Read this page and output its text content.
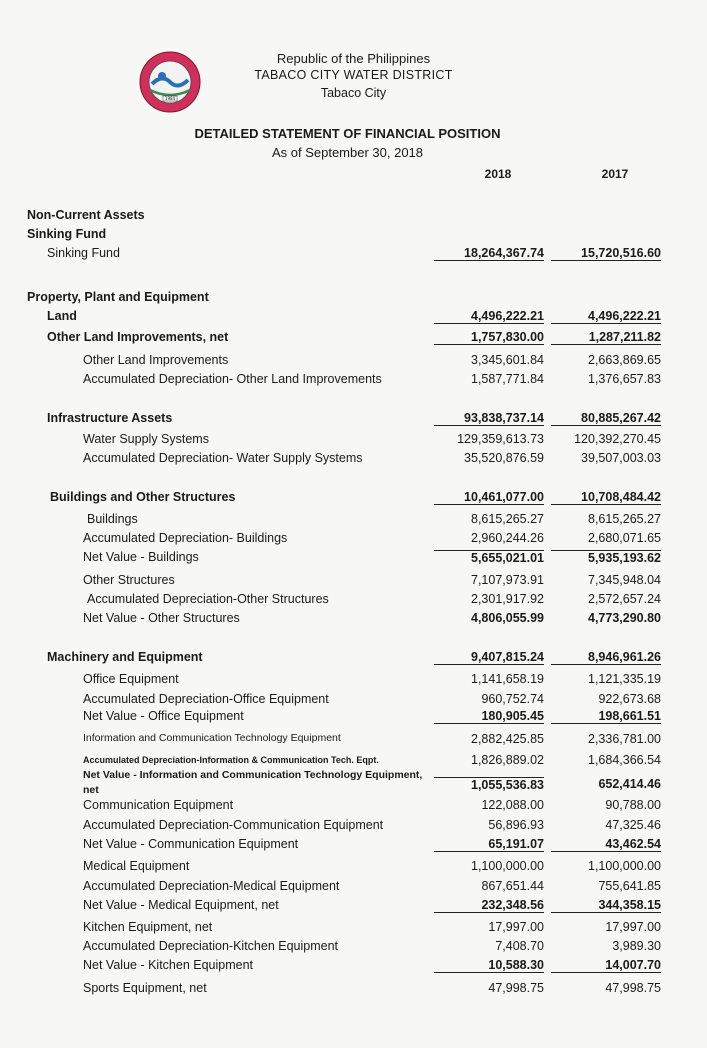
1984
Republic of the Philippines
TABACO CITY WATER DISTRICT
Tabaco City
DETAILED STATEMENT OF FINANCIAL POSITION
As of September 30, 2018
2018	2017
Non-Current Assets
Sinking Fund
Sinking Fund	18,264,367.74	15,720,516.60
Property, Plant and Equipment
Land	4,496,222.21	4,496,222.21
Other Land Improvements, net	1,757,830.00	1,287,211.82
Other Land Improvements	3,345,601.84	2,663,869.65
Accumulated Depreciation- Other Land Improvements	1,587,771.84	1,376,657.83
Infrastructure Assets	93,838,737.14	80,885,267.42
Water Supply Systems	129,359,613.73	120,392,270.45
Accumulated Depreciation- Water Supply Systems	35,520,876.59	39,507,003.03
Buildings and Other Structures	10,461,077.00	10,708,484.42
Buildings	8,615,265.27	8,615,265.27
Accumulated Depreciation- Buildings	2,960,244.26	2,680,071.65
Net Value - Buildings	5,655,021.01	5,935,193.62
Other Structures	7,107,973.91	7,345,948.04
Accumulated Depreciation-Other Structures	2,301,917.92	2,572,657.24
Net Value - Other Structures	4,806,055.99	4,773,290.80
Machinery and Equipment	9,407,815.24	8,946,961.26
Office Equipment	1,141,658.19	1,121,335.19
Accumulated Depreciation-Office Equipment	960,752.74	922,673.68
Net Value - Office Equipment	180,905.45	198,661.51
Information and Communication Technology Equipment	2,882,425.85	2,336,781.00
Accumulated Depreciation-Information & Communication Tech. Eqpt.	1,826,889.02	1,684,366.54
Net Value - Information and Communication Technology Equipment,
net	1,055,536.83	652,414.46
Communication Equipment	122,088.00	90,788.00
Accumulated Depreciation-Communication Equipment	56,896.93	47,325.46
Net Value - Communication Equipment	65,191.07	43,462.54
Medical Equipment	1,100,000.00	1,100,000.00
Accumulated Depreciation-Medical Equipment	867,651.44	755,641.85
Net Value - Medical Equipment, net	232,348.56	344,358.15
Kitchen Equipment, net	17,997.00	17,997.00
Accumulated Depreciation-Kitchen Equipment	7,408.70	3,989.30
Net Value - Kitchen Equipment	10,588.30	14,007.70
Sports Equipment, net	47,998.75	47,998.75
